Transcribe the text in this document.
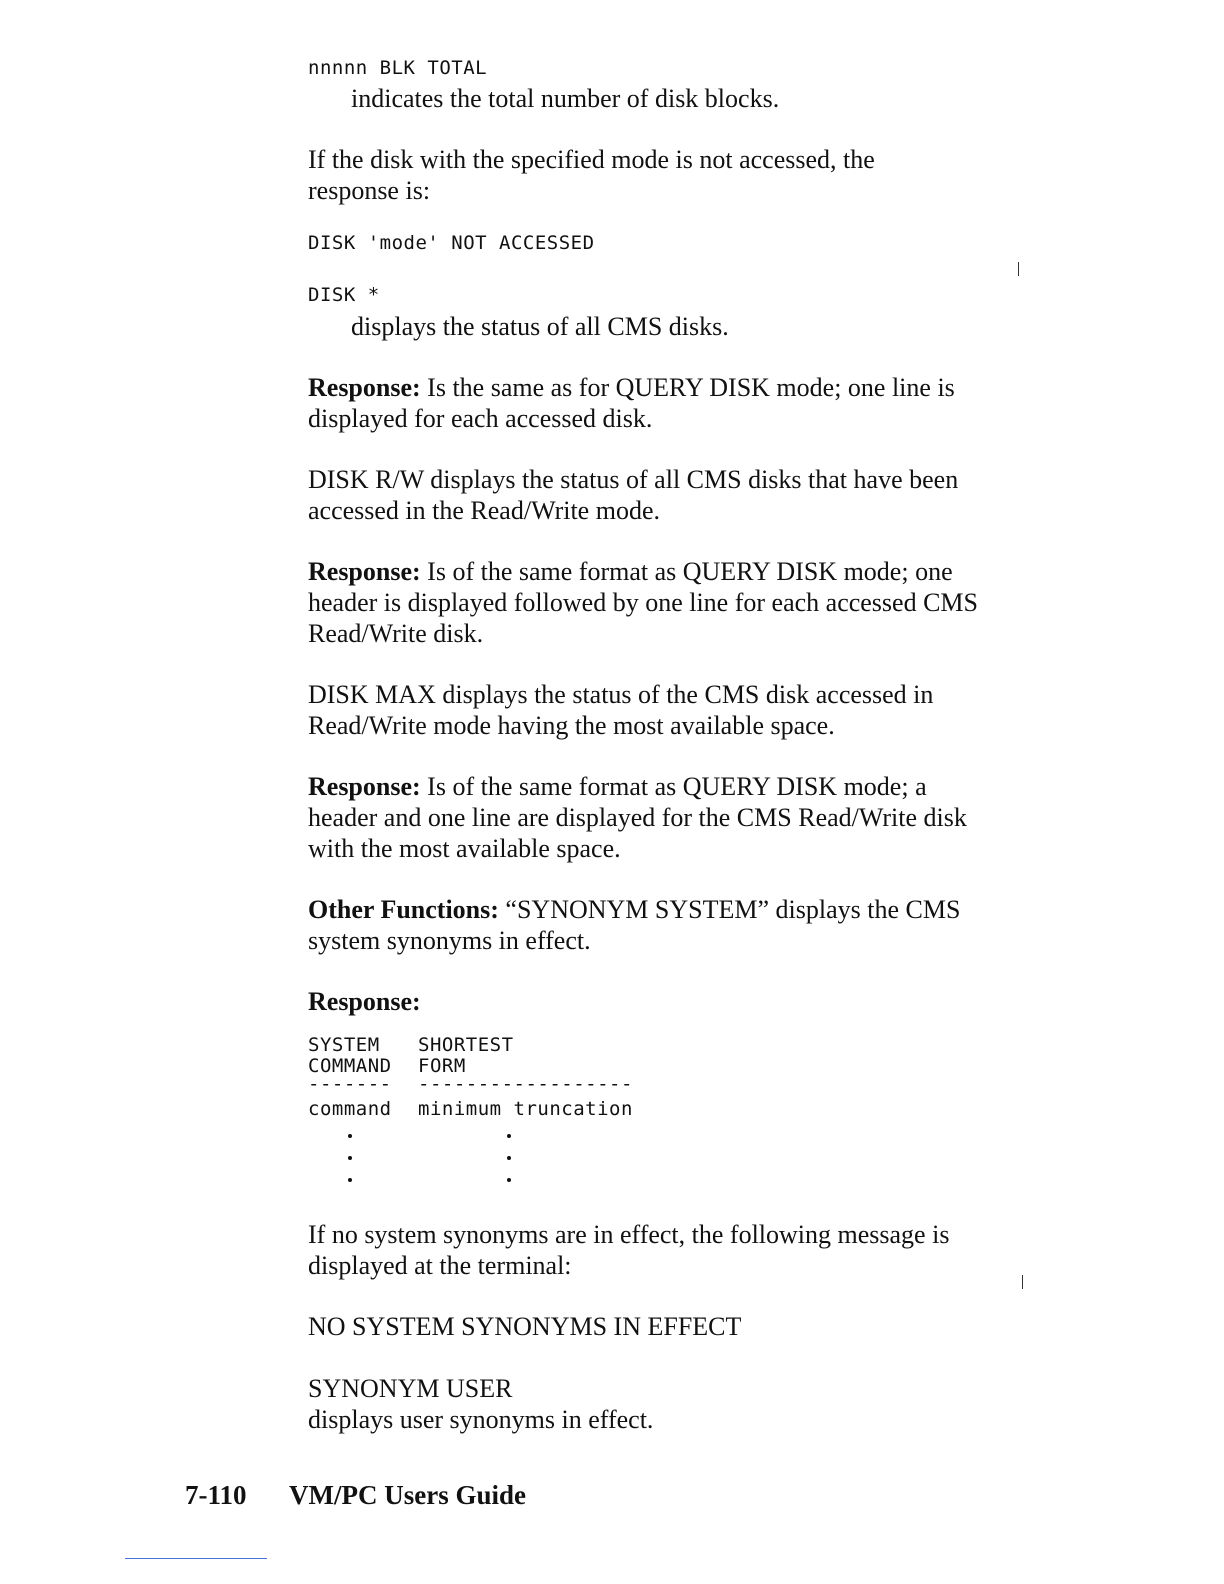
nnnnn BLK TOTAL
indicates the total number of disk blocks.
If the disk with the specified mode is not accessed, the response is:
DISK 'mode' NOT ACCESSED
DISK *
displays the status of all CMS disks.
Response: Is the same as for QUERY DISK mode; one line is displayed for each accessed disk.
DISK R/W displays the status of all CMS disks that have been accessed in the Read/Write mode.
Response: Is of the same format as QUERY DISK mode; one header is displayed followed by one line for each accessed CMS Read/Write disk.
DISK MAX displays the status of the CMS disk accessed in Read/Write mode having the most available space.
Response: Is of the same format as QUERY DISK mode; a header and one line are displayed for the CMS Read/Write disk with the most available space.
Other Functions: “SYNONYM SYSTEM” displays the CMS system synonyms in effect.
Response:
SYSTEM SHORTEST
COMMAND FORM
------- ------------------
command minimum truncation
If no system synonyms are in effect, the following message is displayed at the terminal:
NO SYSTEM SYNONYMS IN EFFECT
SYNONYM USER
displays user synonyms in effect.
7-110 VM/PC Users Guide
